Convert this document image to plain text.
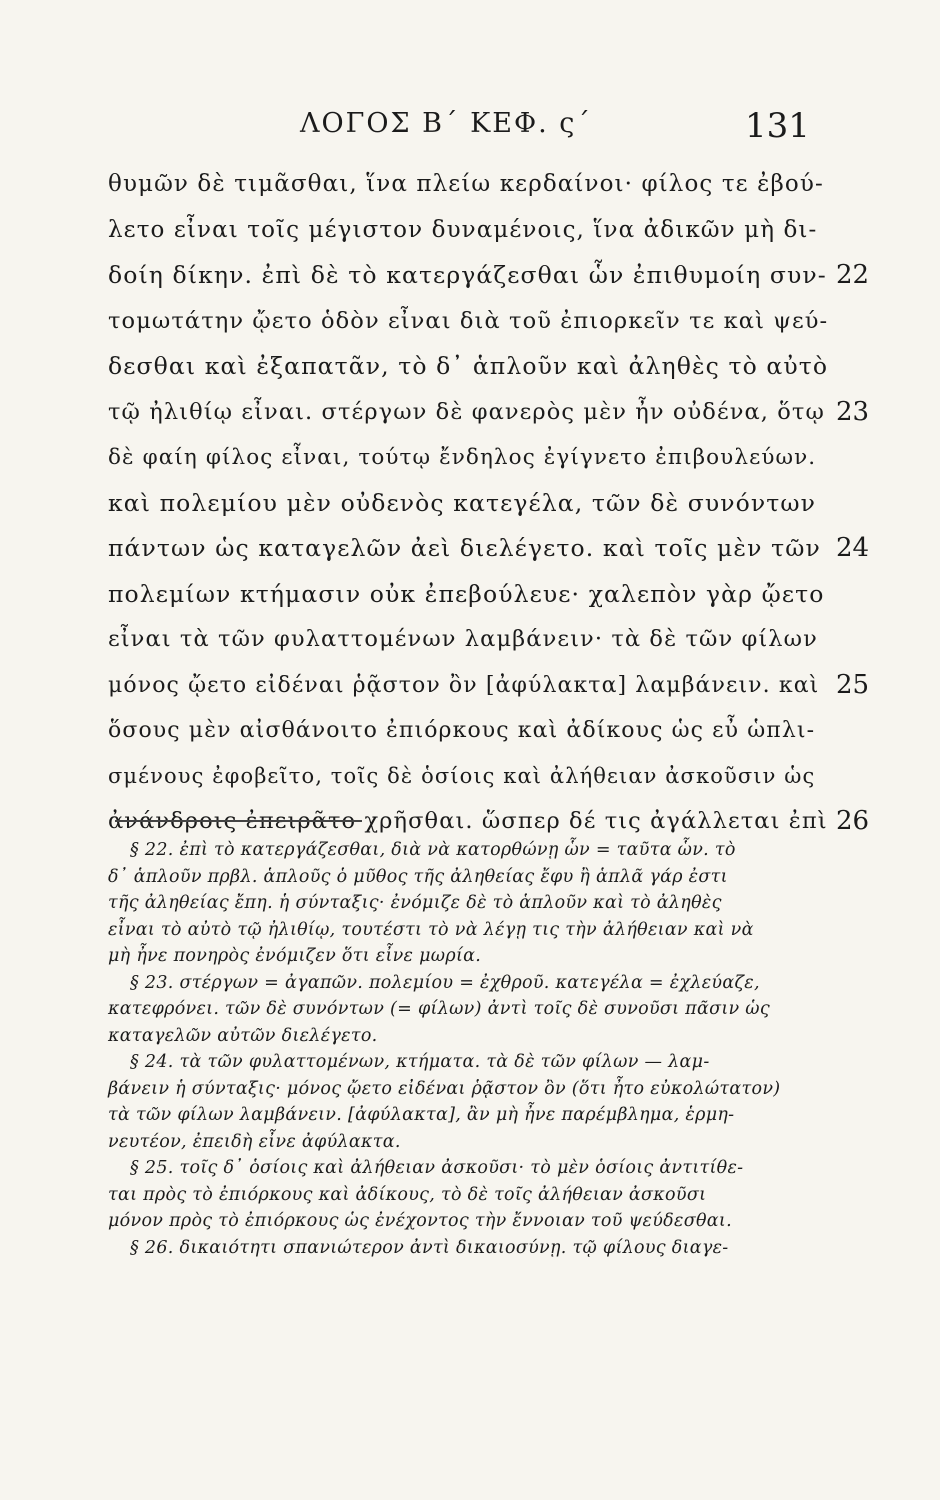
ΛΟΓΟΣ Β΄ ΚΕΦ. ς΄	131
θυμῶν δὲ τιμᾶσθαι, ἵνα πλείω κερδαίνοι· φίλος τε ἐβού-
λετο εἶναι τοῖς μέγιστον δυναμένοις, ἵνα ἀδικῶν μὴ δι-
δοίη δίκην. ἐπὶ δὲ τὸ κατεργάζεσθαι ὧν ἐπιθυμοίη συν-
τομωτάτην ᾤετο ὁδὸν εἶναι διὰ τοῦ ἐπιορκεῖν τε καὶ ψεύ-
δεσθαι καὶ ἐξαπατᾶν, τὸ δ᾽ ἁπλοῦν καὶ ἀληθὲς τὸ αὐτὸ
τῷ ἠλιθίῳ εἶναι. στέργων δὲ φανερὸς μὲν ἦν οὐδένα, ὅτῳ
δὲ φαίη φίλος εἶναι, τούτῳ ἔνδηλος ἐγίγνετο ἐπιβουλεύων.
καὶ πολεμίου μὲν οὐδενὸς κατεγέλα, τῶν δὲ συνόντων
πάντων ὡς καταγελῶν ἀεὶ διελέγετο. καὶ τοῖς μὲν τῶν
πολεμίων κτήμασιν οὐκ ἐπεβούλευε· χαλεπὸν γὰρ ᾤετο
εἶναι τὰ τῶν φυλαττομένων λαμβάνειν· τὰ δὲ τῶν φίλων
μόνος ᾤετο εἰδέναι ῥᾷστον ὂν [ἀφύλακτα] λαμβάνειν. καὶ
ὅσους μὲν αἰσθάνοιτο ἐπιόρκους καὶ ἀδίκους ὡς εὖ ὡπλι-
σμένους ἐφοβεῖτο, τοῖς δὲ ὁσίοις καὶ ἀλήθειαν ἀσκοῦσιν ὡς
ἀνάνδροις ἐπειρᾶτο χρῆσθαι. ὥσπερ δέ τις ἀγάλλεται ἐπὶ
22
23
24
25
26
§ 22. ἐπὶ τὸ κατεργάζεσθαι, διὰ νὰ κατορθώνῃ ὧν = ταῦτα ὧν. τὸ
δ᾽ ἁπλοῦν πρβλ. ἁπλοῦς ὁ μῦθος τῆς ἀληθείας ἔφυ ἢ ἁπλᾶ γάρ ἐστι
τῆς ἀληθείας ἔπη. ἡ σύνταξις· ἐνόμιζε δὲ τὸ ἁπλοῦν καὶ τὸ ἀληθὲς
εἶναι τὸ αὐτὸ τῷ ἠλιθίῳ, τουτέστι τὸ νὰ λέγῃ τις τὴν ἀλήθειαν καὶ νὰ
μὴ ἦνε πονηρὸς ἐνόμιζεν ὅτι εἶνε μωρία.
§ 23. στέργων = ἀγαπῶν. πολεμίου = ἐχθροῦ. κατεγέλα = ἐχλεύαζε,
κατεφρόνει. τῶν δὲ συνόντων (= φίλων) ἀντὶ τοῖς δὲ συνοῦσι πᾶσιν ὡς
καταγελῶν αὐτῶν διελέγετο.
§ 24. τὰ τῶν φυλαττομένων, κτήματα. τὰ δὲ τῶν φίλων — λαμ-
βάνειν ἡ σύνταξις· μόνος ᾤετο εἰδέναι ῥᾷστον ὂν (ὅτι ἦτο εὐκολώτατον)
τὰ τῶν φίλων λαμβάνειν. [ἀφύλακτα], ἂν μὴ ἦνε παρέμβλημα, ἑρμη-
νευτέον, ἐπειδὴ εἶνε ἀφύλακτα.
§ 25. τοῖς δ᾽ ὁσίοις καὶ ἀλήθειαν ἀσκοῦσι· τὸ μὲν ὁσίοις ἀντιτίθε-
ται πρὸς τὸ ἐπιόρκους καὶ ἀδίκους, τὸ δὲ τοῖς ἀλήθειαν ἀσκοῦσι
μόνον πρὸς τὸ ἐπιόρκους ὡς ἐνέχοντος τὴν ἔννοιαν τοῦ ψεύδεσθαι.
§ 26. δικαιότητι σπανιώτερον ἀντὶ δικαιοσύνῃ. τῷ φίλους διαγε-
